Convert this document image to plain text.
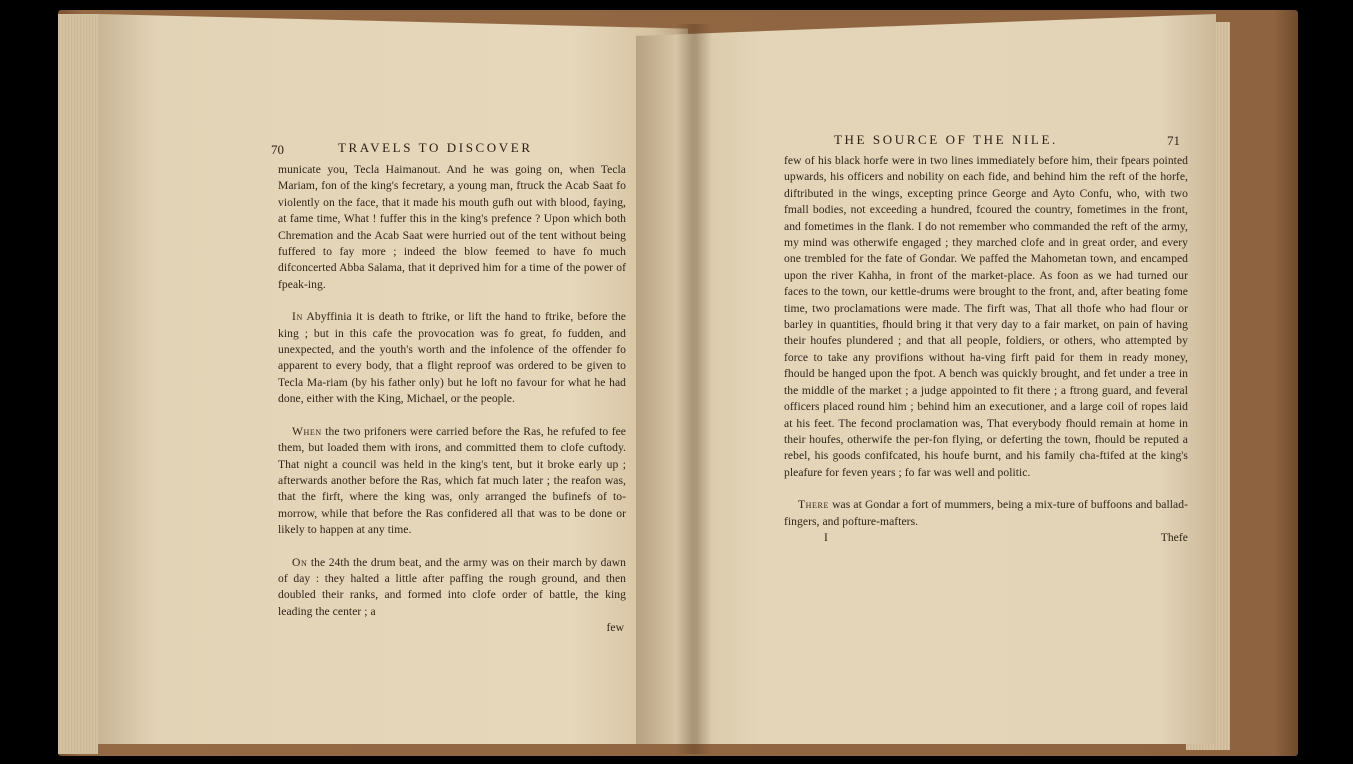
70	TRAVELS TO DISCOVER

municate you, Tecla Haimanout. And he was going on, when Tecla Mariam, fon of the king's fecretary, a young man, ftruck the Acab Saat fo violently on the face, that it made his mouth gufh out with blood, faying, at fame time, What ! fuffer this in the king's prefence ? Upon which both Chremation and the Acab Saat were hurried out of the tent without being fuffered to fay more ; indeed the blow feemed to have fo much difconcerted Abba Salama, that it deprived him for a time of the power of fpeak-ing.

In Abyffinia it is death to ftrike, or lift the hand to ftrike, before the king ; but in this cafe the provocation was fo great, fo fudden, and unexpected, and the youth's worth and the infolence of the offender fo apparent to every body, that a flight reproof was ordered to be given to Tecla Ma-riam (by his father only) but he loft no favour for what he had done, either with the King, Michael, or the people.

When the two prifoners were carried before the Ras, he refufed to fee them, but loaded them with irons, and committed them to clofe cuftody. That night a council was held in the king's tent, but it broke early up ; afterwards another before the Ras, which fat much later ; the reafon was, that the firft, where the king was, only arranged the bufinefs of to-morrow, while that before the Ras confidered all that was to be done or likely to happen at any time.

On the 24th the drum beat, and the army was on their march by dawn of day : they halted a little after paffing the rough ground, and then doubled their ranks, and formed into clofe order of battle, the king leading the center ; a

few

THE SOURCE OF THE NILE.	71

few of his black horfe were in two lines immediately before him, their fpears pointed upwards, his officers and nobility on each fide, and behind him the reft of the horfe, diftributed in the wings, excepting prince George and Ayto Confu, who, with two fmall bodies, not exceeding a hundred, fcoured the country, fometimes in the front, and fometimes in the flank. I do not remember who commanded the reft of the army, my mind was otherwife engaged ; they marched clofe and in great order, and every one trembled for the fate of Gondar. We paffed the Mahometan town, and encamped upon the river Kahha, in front of the market-place. As foon as we had turned our faces to the town, our kettle-drums were brought to the front, and, after beating fome time, two proclamations were made. The firft was, That all thofe who had flour or barley in quantities, fhould bring it that very day to a fair market, on pain of having their houfes plundered ; and that all people, foldiers, or others, who attempted by force to take any provifions without ha-ving firft paid for them in ready money, fhould be hanged upon the fpot. A bench was quickly brought, and fet under a tree in the middle of the market ; a judge appointed to fit there ; a ftrong guard, and feveral officers placed round him ; behind him an executioner, and a large coil of ropes laid at his feet. The fecond proclamation was, That everybody fhould remain at home in their houfes, otherwife the per-fon flying, or deferting the town, fhould be reputed a rebel, his goods confifcated, his houfe burnt, and his family cha-ftifed at the king's pleafure for feven years ; fo far was well and politic.

There was at Gondar a fort of mummers, being a mix-ture of buffoons and ballad-fingers, and pofture-mafters.

I	Thefe
